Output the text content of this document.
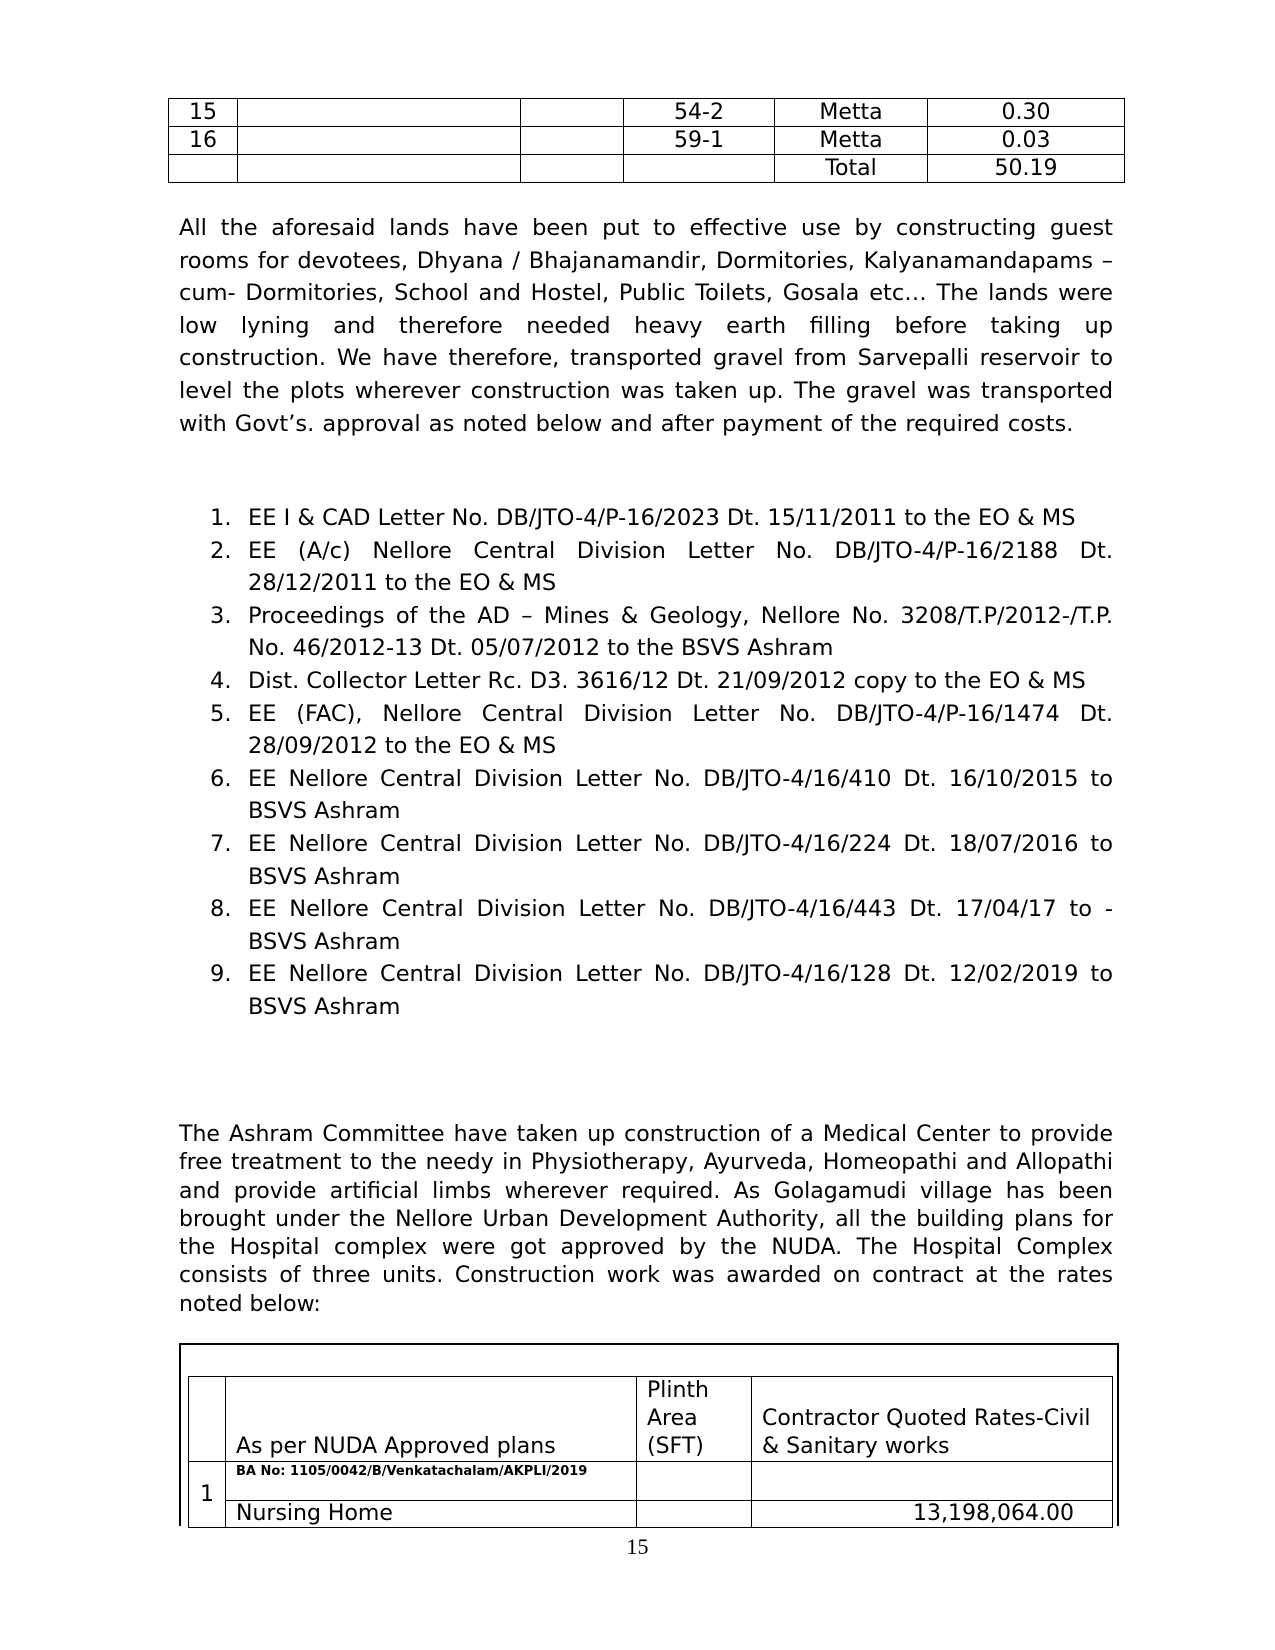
15			54-2	Metta	0.30
16			59-1	Metta	0.03
				Total	50.19

All the aforesaid lands have been put to effective use by constructing guest rooms for devotees, Dhyana / Bhajanamandir, Dormitories, Kalyanamandapams –cum- Dormitories, School and Hostel, Public Toilets, Gosala etc… The lands were low lyning and therefore needed heavy earth filling before taking up construction. We have therefore, transported gravel from Sarvepalli reservoir to level the plots wherever construction was taken up. The gravel was transported with Govt’s. approval as noted below and after payment of the required costs.

1. EE I & CAD Letter No. DB/JTO-4/P-16/2023 Dt. 15/11/2011 to the EO & MS
2. EE (A/c) Nellore Central Division Letter No. DB/JTO-4/P-16/2188 Dt. 28/12/2011 to the EO & MS
3. Proceedings of the AD – Mines & Geology, Nellore No. 3208/T.P/2012-/T.P. No. 46/2012-13 Dt. 05/07/2012 to the BSVS Ashram
4. Dist. Collector Letter Rc. D3. 3616/12 Dt. 21/09/2012 copy to the EO & MS
5. EE (FAC), Nellore Central Division Letter No. DB/JTO-4/P-16/1474 Dt. 28/09/2012 to the EO & MS
6. EE Nellore Central Division Letter No. DB/JTO-4/16/410 Dt. 16/10/2015 to BSVS Ashram
7. EE Nellore Central Division Letter No. DB/JTO-4/16/224 Dt. 18/07/2016 to BSVS Ashram
8. EE Nellore Central Division Letter No. DB/JTO-4/16/443 Dt. 17/04/17 to - BSVS Ashram
9. EE Nellore Central Division Letter No. DB/JTO-4/16/128 Dt. 12/02/2019 to BSVS Ashram

The Ashram Committee have taken up construction of a Medical Center to provide free treatment to the needy in Physiotherapy, Ayurveda, Homeopathi and Allopathi and provide artificial limbs wherever required. As Golagamudi village has been brought under the Nellore Urban Development Authority, all the building plans for the Hospital complex were got approved by the NUDA. The Hospital Complex consists of three units. Construction work was awarded on contract at the rates noted below:

	As per NUDA Approved plans	Plinth Area (SFT)	Contractor Quoted Rates-Civil & Sanitary works
1	BA No: 1105/0042/B/Venkatachalam/AKPLI/2019		
	Nursing Home		13,198,064.00
15
